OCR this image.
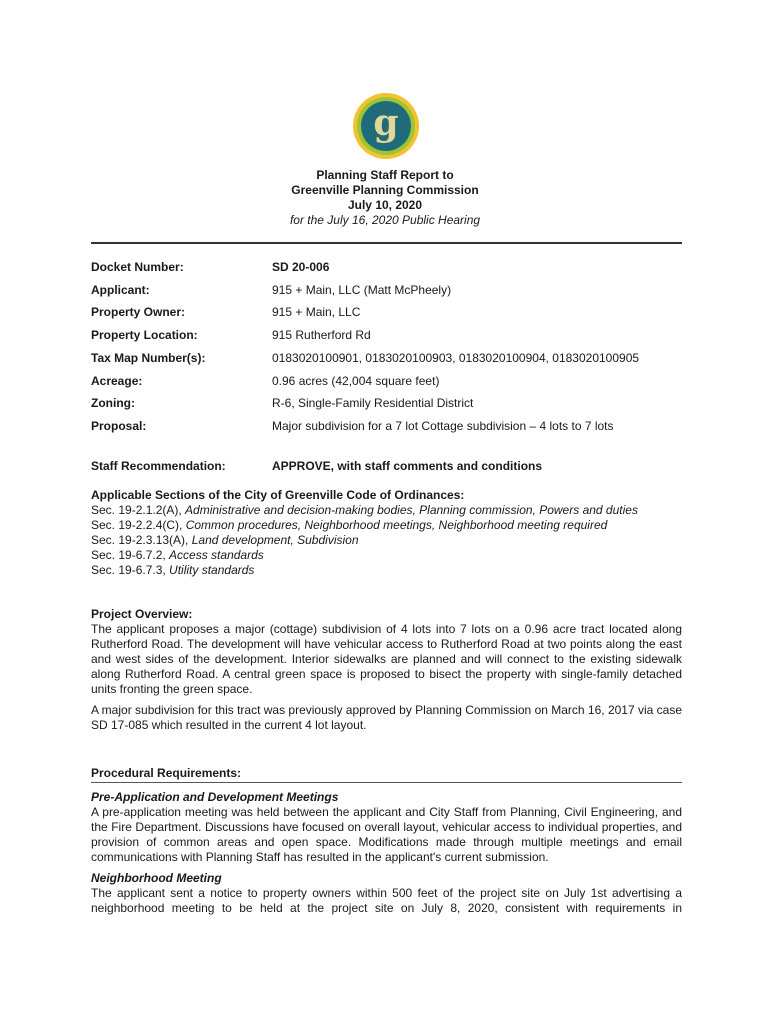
g
Planning Staff Report to
Greenville Planning Commission
July 10, 2020
for the July 16, 2020 Public Hearing
Docket Number:	SD 20-006
Applicant:	915 + Main, LLC (Matt McPheely)
Property Owner:	915 + Main, LLC
Property Location:	915 Rutherford Rd
Tax Map Number(s):	0183020100901, 0183020100903, 0183020100904, 0183020100905
Acreage:	0.96 acres (42,004 square feet)
Zoning:	R-6, Single-Family Residential District
Proposal:	Major subdivision for a 7 lot Cottage subdivision – 4 lots to 7 lots
Staff Recommendation:	APPROVE, with staff comments and conditions
Applicable Sections of the City of Greenville Code of Ordinances:
Sec. 19-2.1.2(A), Administrative and decision-making bodies, Planning commission, Powers and duties
Sec. 19-2.2.4(C), Common procedures, Neighborhood meetings, Neighborhood meeting required
Sec. 19-2.3.13(A), Land development, Subdivision
Sec. 19-6.7.2, Access standards
Sec. 19-6.7.3, Utility standards
Project Overview:
The applicant proposes a major (cottage) subdivision of 4 lots into 7 lots on a 0.96 acre tract located along Rutherford Road. The development will have vehicular access to Rutherford Road at two points along the east and west sides of the development. Interior sidewalks are planned and will connect to the existing sidewalk along Rutherford Road. A central green space is proposed to bisect the property with single-family detached units fronting the green space.
A major subdivision for this tract was previously approved by Planning Commission on March 16, 2017 via case SD 17-085 which resulted in the current 4 lot layout.
Procedural Requirements:
Pre-Application and Development Meetings
A pre-application meeting was held between the applicant and City Staff from Planning, Civil Engineering, and the Fire Department. Discussions have focused on overall layout, vehicular access to individual properties, and provision of common areas and open space. Modifications made through multiple meetings and email communications with Planning Staff has resulted in the applicant's current submission.
Neighborhood Meeting
The applicant sent a notice to property owners within 500 feet of the project site on July 1st advertising a neighborhood meeting to be held at the project site on July 8, 2020, consistent with requirements in
